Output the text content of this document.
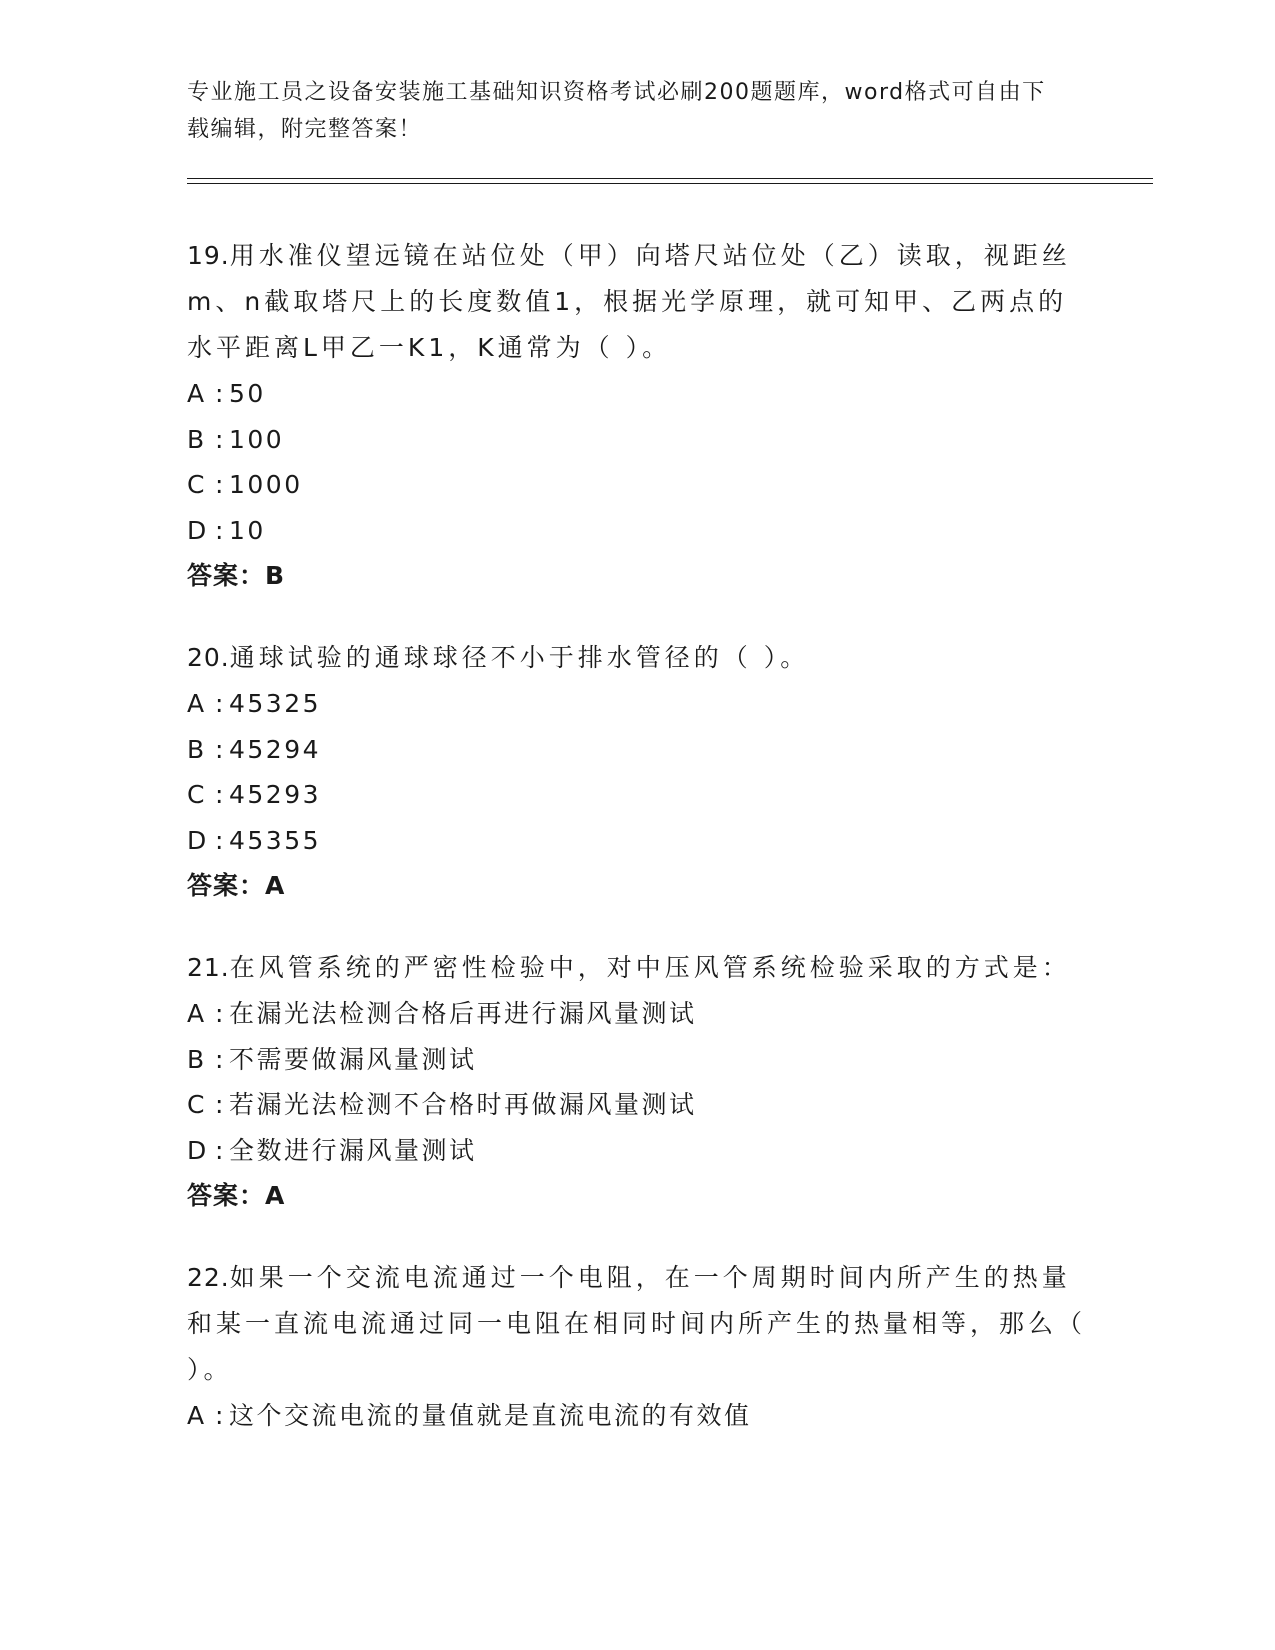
专业施工员之设备安装施工基础知识资格考试必刷200题题库，word格式可自由下载编辑，附完整答案！

19.用水准仪望远镜在站位处（甲）向塔尺站位处（乙）读取，视距丝m、n截取塔尺上的长度数值1，根据光学原理，就可知甲、乙两点的水平距离L甲乙一K1，K通常为（ ）。

A : 50

B : 100

C : 1000

D : 10

答案：B

20.通球试验的通球球径不小于排水管径的（ ）。

A : 45325

B : 45294

C : 45293

D : 45355

答案：A

21.在风管系统的严密性检验中，对中压风管系统检验采取的方式是：

A : 在漏光法检测合格后再进行漏风量测试

B : 不需要做漏风量测试

C : 若漏光法检测不合格时再做漏风量测试

D : 全数进行漏风量测试

答案：A

22.如果一个交流电流通过一个电阻，在一个周期时间内所产生的热量和某一直流电流通过同一电阻在相同时间内所产生的热量相等，那么（ ）。

A : 这个交流电流的量值就是直流电流的有效值
